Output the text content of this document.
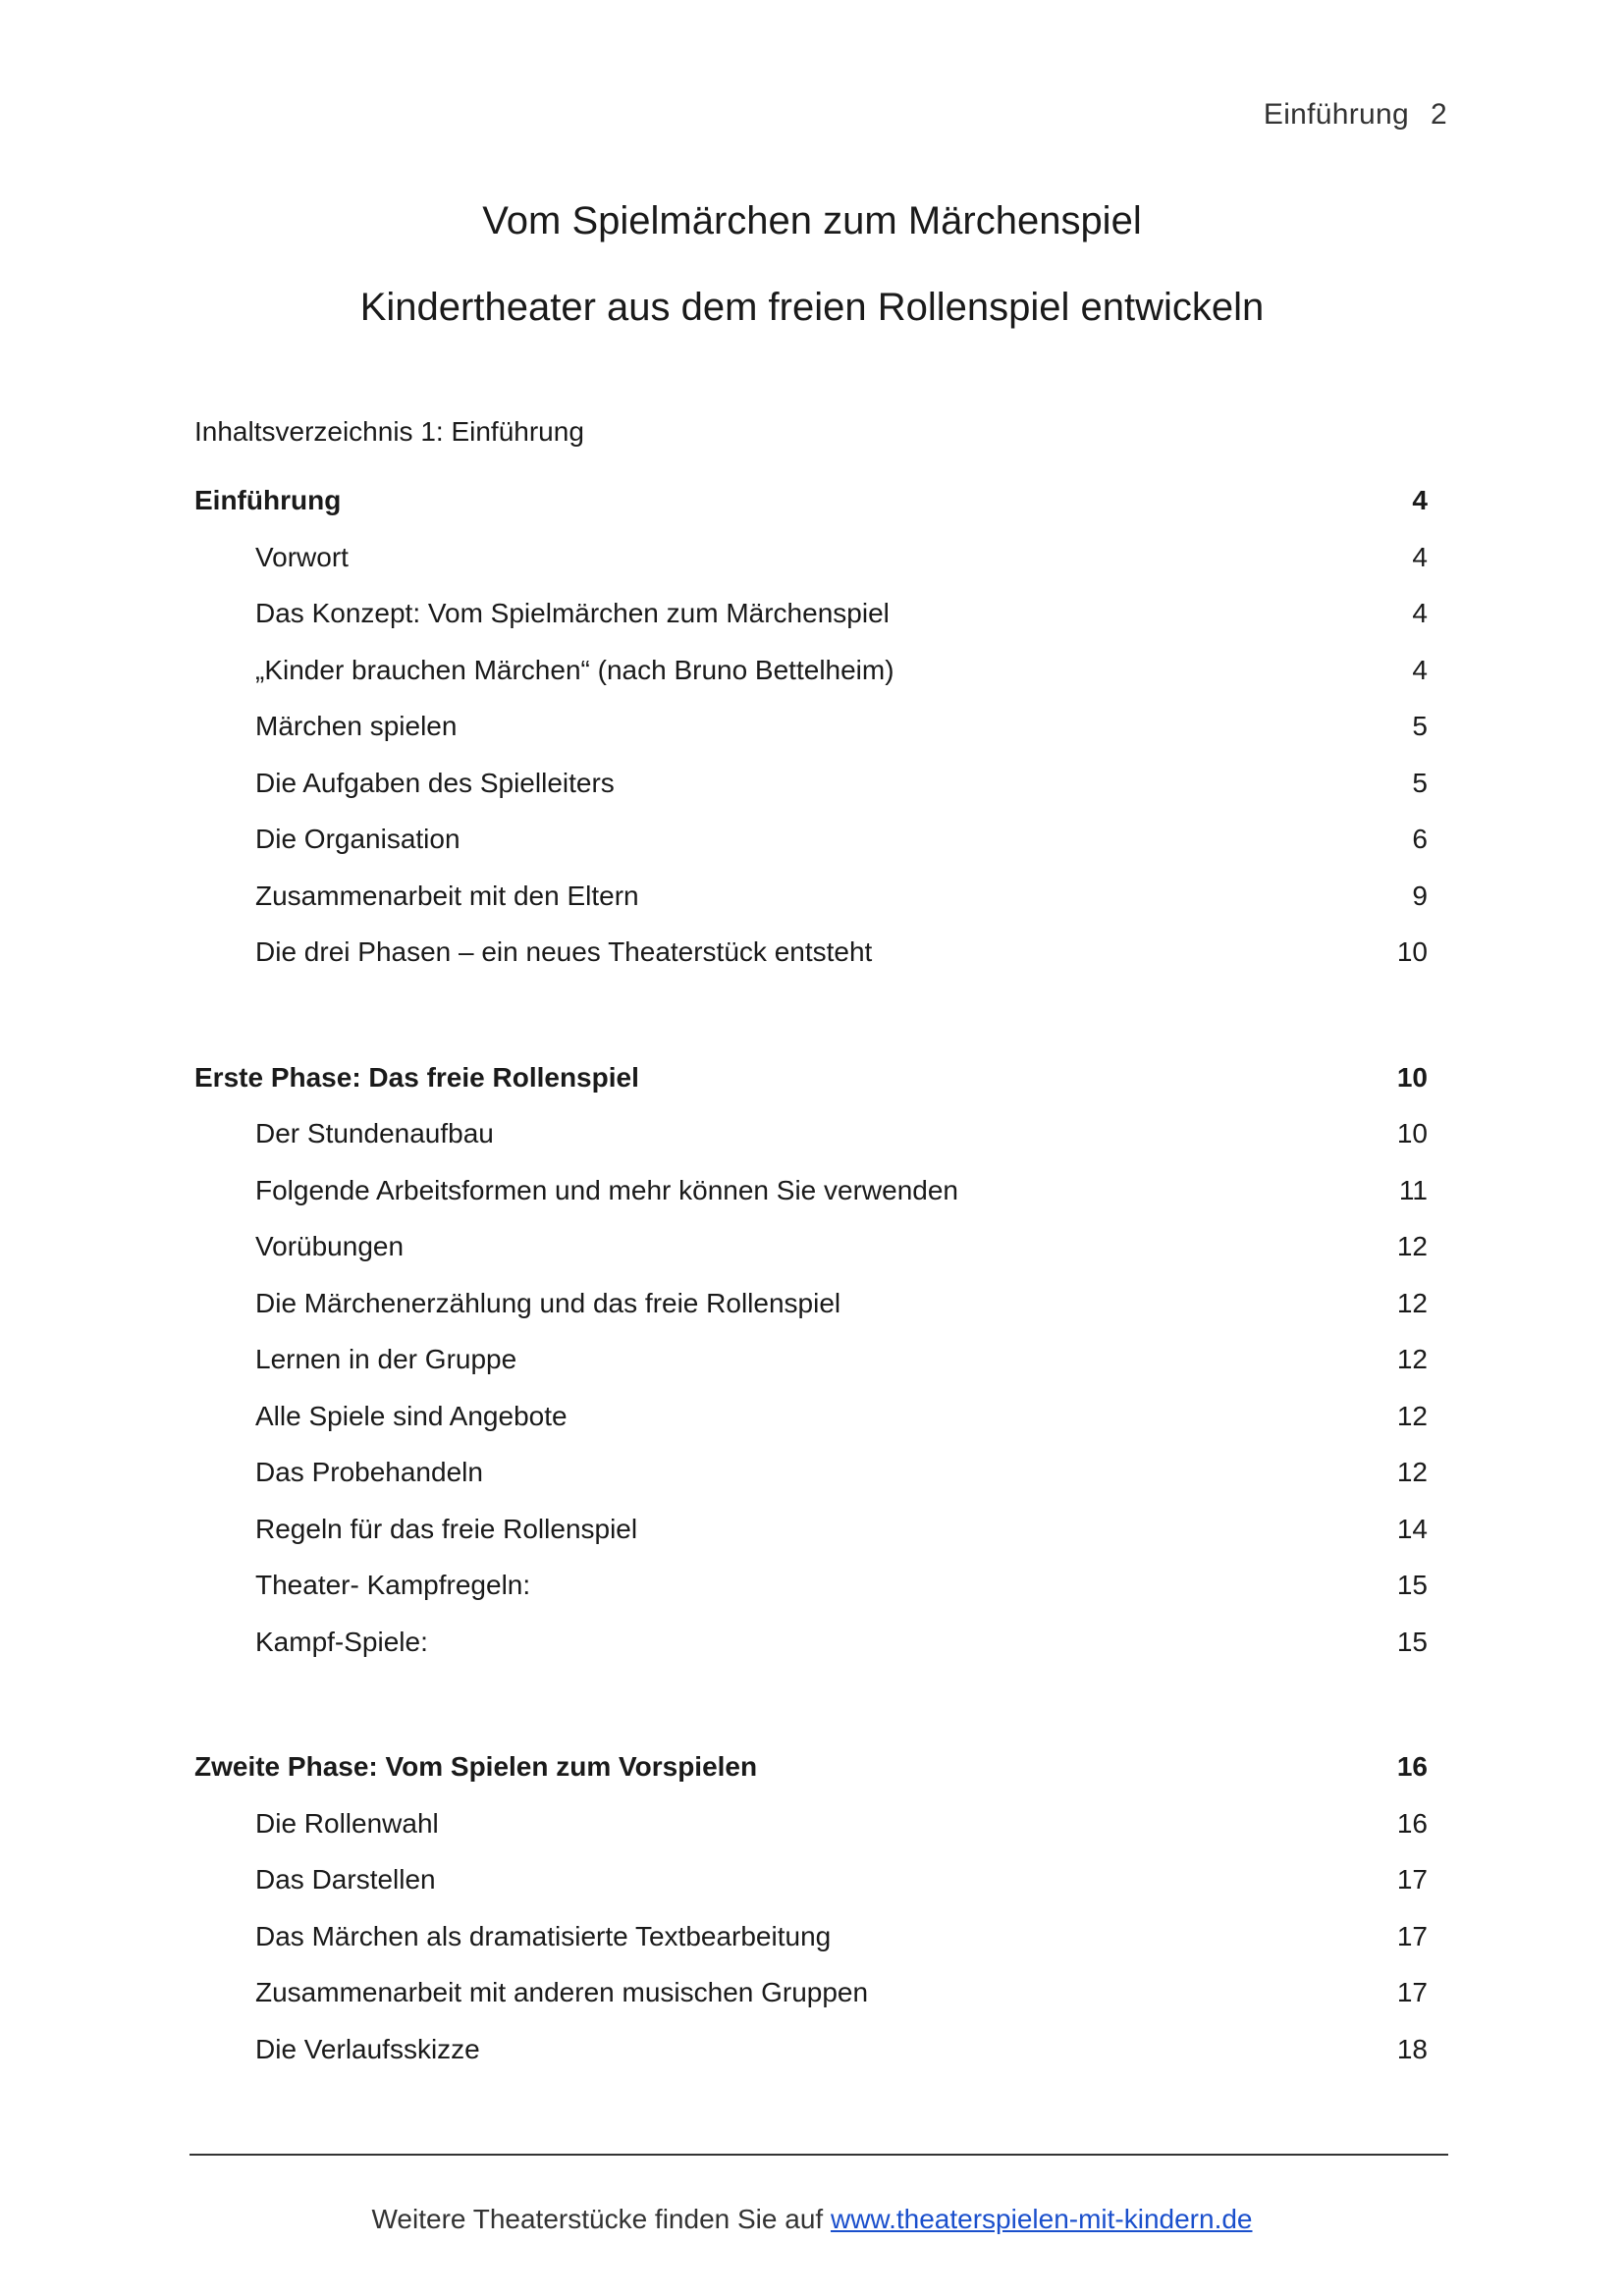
Einführung 2
Vom Spielmärchen zum Märchenspiel
Kindertheater aus dem freien Rollenspiel entwickeln
Inhaltsverzeichnis 1: Einführung
Einführung	4
Vorwort	4
Das Konzept: Vom Spielmärchen zum Märchenspiel	4
„Kinder brauchen Märchen“ (nach Bruno Bettelheim)	4
Märchen spielen	5
Die Aufgaben des Spielleiters	5
Die Organisation	6
Zusammenarbeit mit den Eltern	9
Die drei Phasen – ein neues Theaterstück entsteht	10
Erste Phase: Das freie Rollenspiel	10
Der Stundenaufbau	10
Folgende Arbeitsformen und mehr können Sie verwenden	11
Vorübungen	12
Die Märchenerzählung und das freie Rollenspiel	12
Lernen in der Gruppe	12
Alle Spiele sind Angebote	12
Das Probehandeln	12
Regeln für das freie Rollenspiel	14
Theater- Kampfregeln:	15
Kampf-Spiele:	15
Zweite Phase: Vom Spielen zum Vorspielen	16
Die Rollenwahl	16
Das Darstellen	17
Das Märchen als dramatisierte Textbearbeitung	17
Zusammenarbeit mit anderen musischen Gruppen	17
Die Verlaufsskizze	18
Weitere Theaterstücke finden Sie auf www.theaterspielen-mit-kindern.de
